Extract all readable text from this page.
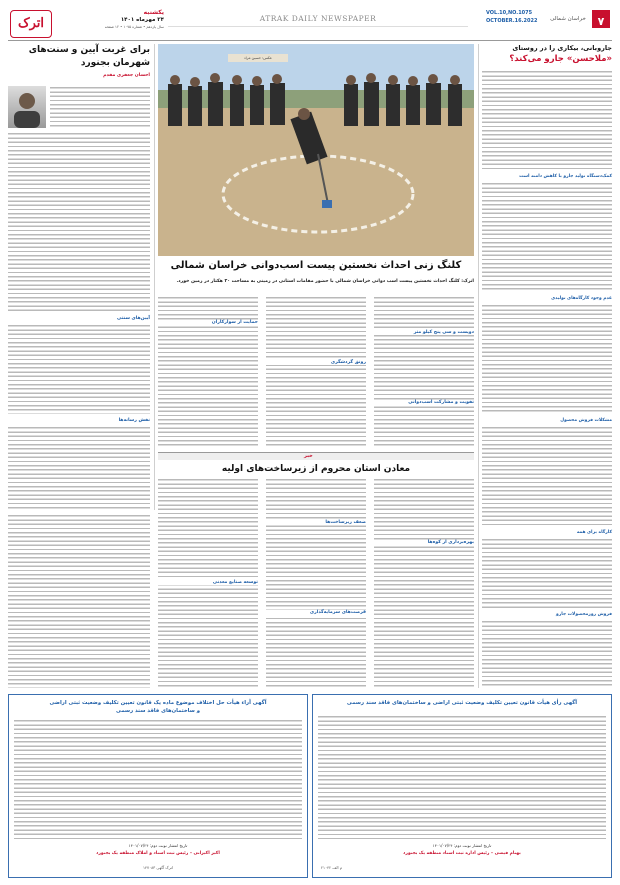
اترک
یکشنبه
۲۴ مهرماه ۱۴۰۱
سال یازدهم • شماره ۱۰۷۵ • ۱۲ صفحه
ATRAK DAILY NEWSPAPER
VOL.10,NO.1075
OCTOBER.16.2022	خراسان شمالی	۷
برای غربت آیین و سنت‌های شهرمان بجنورد
احسان جعفری مقدم
آیین‌های سنتی
نقش رسانه‌ها
عکس: حسین مراد
کلنگ زنی احداث نخستین پیست اسب‌دوانی خراسان شمالی
اترک: کلنگ احداث نخستین پیست اسب دوانی خراسان شمالی با حضور مقامات استانی در زمینی به مساحت ۲۰ هکتار در زمین خورد.
دویست و سی پنج کیلو متر
تقویت و مشارکت اسب‌دوانی
رونق گردشگری
حمایت از سوارکاران
خبر
معادن استان محروم از زیرساخت‌های اولیه
بهره‌برداری از کوه‌ها
ضعف زیرساخت‌ها
فرصت‌های سرمایه‌گذاری
توسعه صنایع معدنی
جاروبانی، بیکاری را در روستای
«ملاحسن» جارو می‌کند؟
کمک‌دستگاه تولید جارو با کاهش دامنه است
عدم وجود کارگاه‌های تولیدی
مشکلات فروش محصول
کارگاه برای همه
فروش روزمحصولات جارو
آگهی آراء هیأت حل اختلاف موضوع ماده یک قانون تعیین تکلیف وضعیت ثبتی اراضی
و ساختمان‌های فاقد سند رسمی
تاریخ انتشار نوبت دوم: ۱۴۰۱/۰۷/۲۴
اکبر اکبرانی – رئیس ثبت اسناد و املاک منطقه یک بجنورد
اترک آگهی ۱۴۷۰۸۳
آگهی رأی هیأت قانون تعیین تکلیف وضعیت ثبتی اراضی و ساختمان‌های فاقد سند رسمی
تاریخ انتشار نوبت دوم: ۱۴۰۱/۰۷/۲۴
بهنام فیضی – رئیس اداره ثبت اسناد منطقه یک بجنورد
م الف ۲۱۰۴۲
